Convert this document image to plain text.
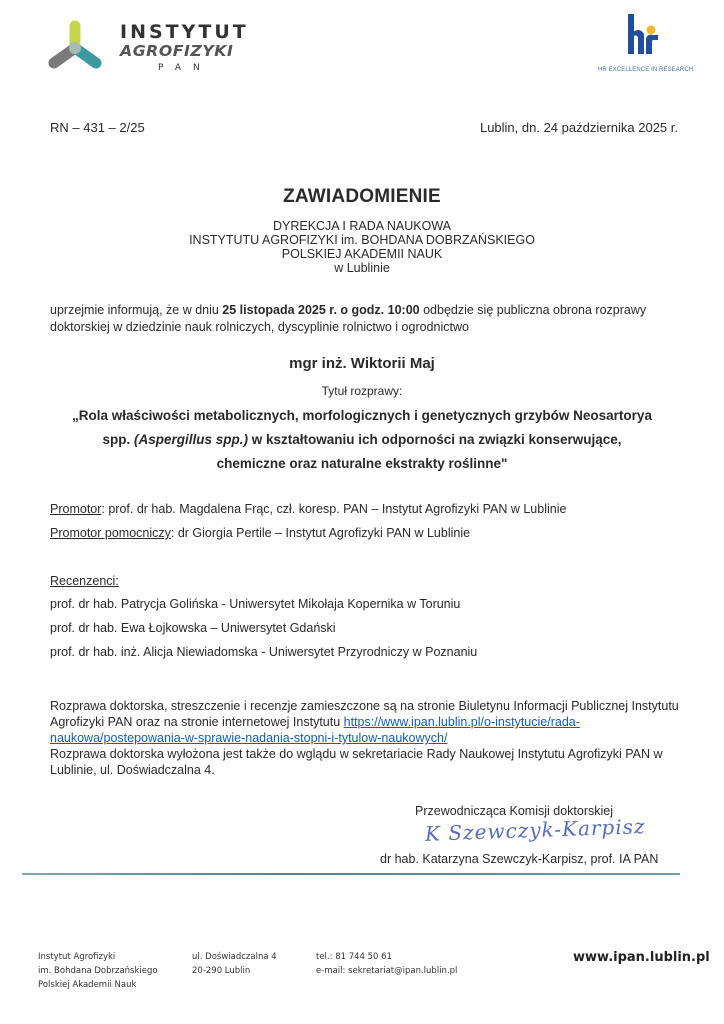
INSTYTUT
AGROFIZYKI
PAN	HR EXCELLENCE IN RESEARCH
RN – 431 – 2/25	Lublin, dn. 24 października 2025 r.
ZAWIADOMIENIE
DYREKCJA I RADA NAUKOWA
INSTYTUTU AGROFIZYKI im. BOHDANA DOBRZAŃSKIEGO
POLSKIEJ AKADEMII NAUK
w Lublinie
uprzejmie informują, że w dniu 25 listopada 2025 r. o godz. 10:00 odbędzie się publiczna obrona rozprawy doktorskiej w dziedzinie nauk rolniczych, dyscyplinie rolnictwo i ogrodnictwo
mgr inż. Wiktorii Maj
Tytuł rozprawy:
„Rola właściwości metabolicznych, morfologicznych i genetycznych grzybów Neosartorya
spp. (Aspergillus spp.) w kształtowaniu ich odporności na związki konserwujące,
chemiczne oraz naturalne ekstrakty roślinne"
Promotor: prof. dr hab. Magdalena Frąc, czł. koresp. PAN – Instytut Agrofizyki PAN w Lublinie
Promotor pomocniczy: dr Giorgia Pertile – Instytut Agrofizyki PAN w Lublinie
Recenzenci:
prof. dr hab. Patrycja Golińska - Uniwersytet Mikołaja Kopernika w Toruniu
prof. dr hab. Ewa Łojkowska – Uniwersytet Gdański
prof. dr hab. inż. Alicja Niewiadomska - Uniwersytet Przyrodniczy w Poznaniu
Rozprawa doktorska, streszczenie i recenzje zamieszczone są na stronie Biuletynu Informacji Publicznej Instytutu Agrofizyki PAN oraz na stronie internetowej Instytutu https://www.ipan.lublin.pl/o-instytucie/rada-naukowa/postepowania-w-sprawie-nadania-stopni-i-tytulow-naukowych/
Rozprawa doktorska wyłożona jest także do wglądu w sekretariacie Rady Naukowej Instytutu Agrofizyki PAN w Lublinie, ul. Doświadczalna 4.
Przewodnicząca Komisji doktorskiej
K Szewczyk-Karpisz
dr hab. Katarzyna Szewczyk-Karpisz, prof. IA PAN
Instytut Agrofizyki
im. Bohdana Dobrzańskiego
Polskiej Akademii Nauk
ul. Doświadczalna 4
20-290 Lublin
tel.: 81 744 50 61
e-mail: sekretariat@ipan.lublin.pl
www.ipan.lublin.pl
